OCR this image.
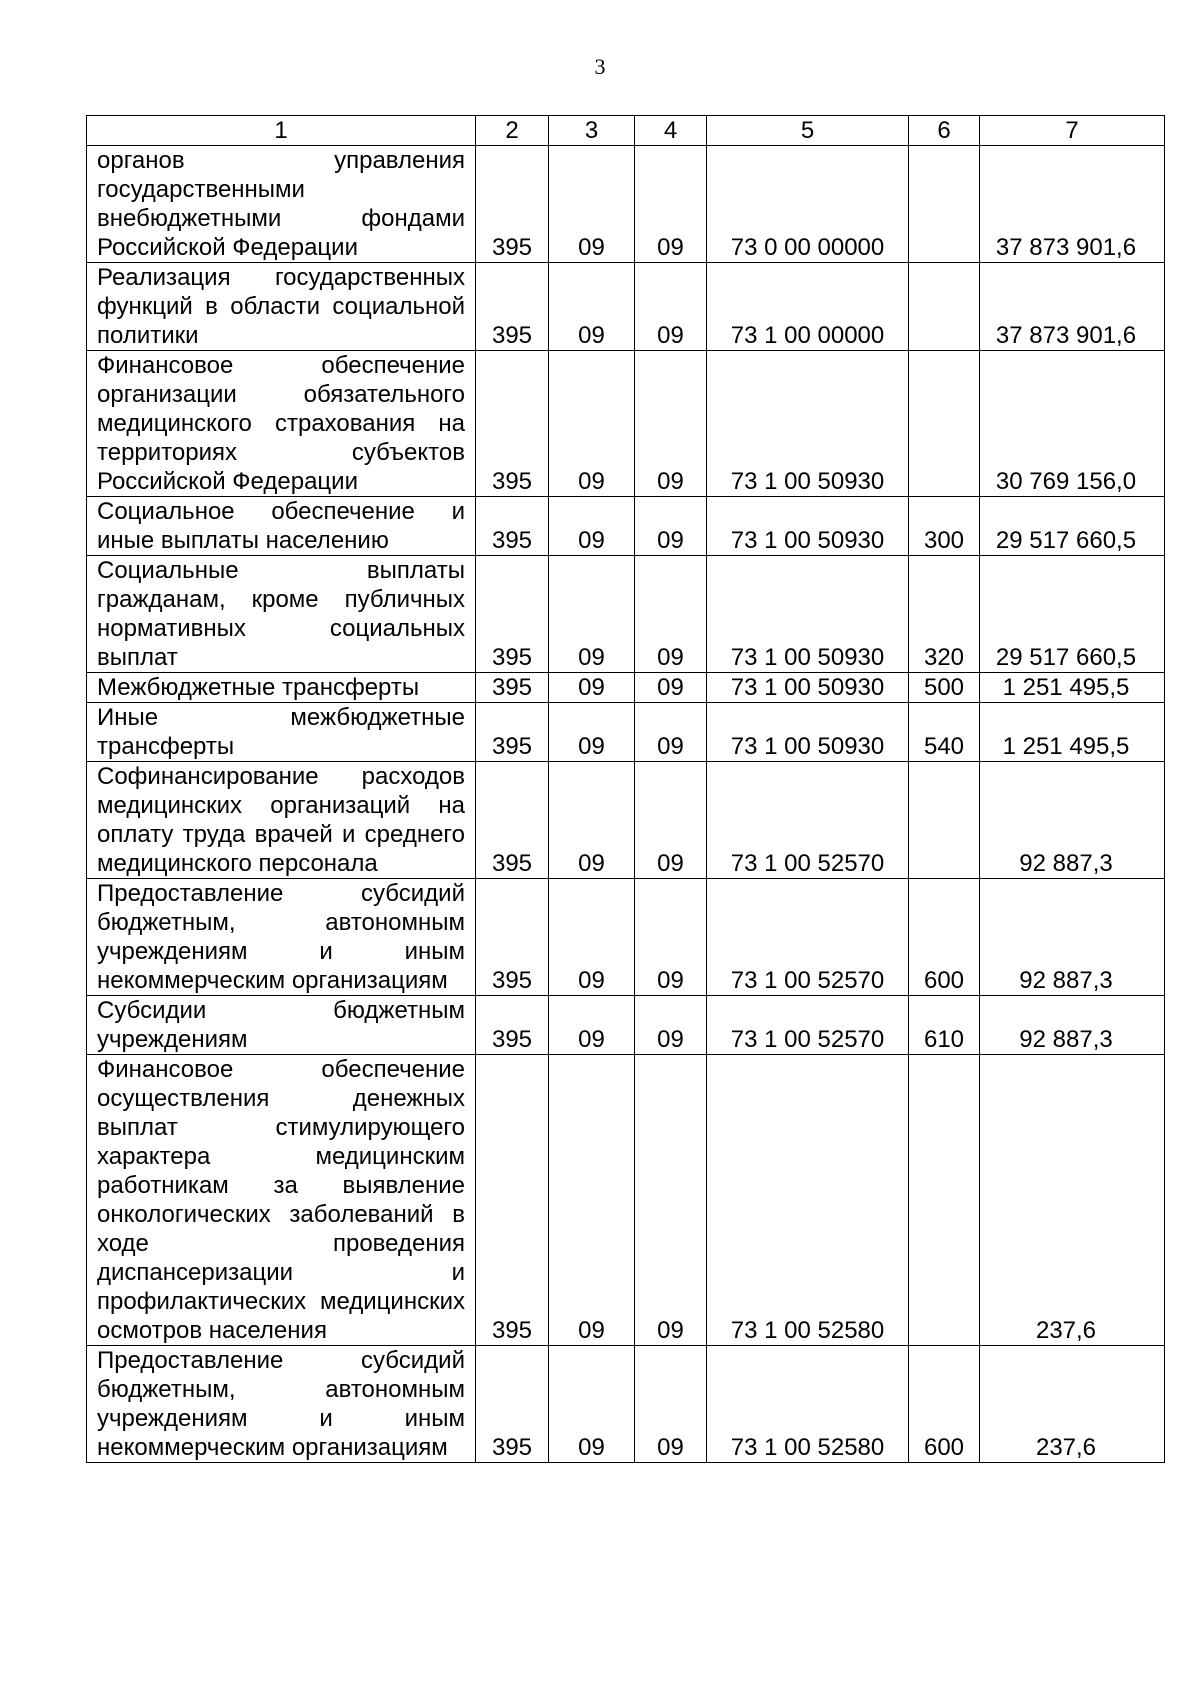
3
1	2	3	4	5	6	7
органов управления государственными внебюджетными фондами Российской Федерации	395	09	09	73 0 00 00000		37 873 901,6
Реализация государственных функций в области социальной политики	395	09	09	73 1 00 00000		37 873 901,6
Финансовое обеспечение организации обязательного медицинского страхования на территориях субъектов Российской Федерации	395	09	09	73 1 00 50930		30 769 156,0
Социальное обеспечение и иные выплаты населению	395	09	09	73 1 00 50930	300	29 517 660,5
Социальные выплаты гражданам, кроме публичных нормативных социальных выплат	395	09	09	73 1 00 50930	320	29 517 660,5
Межбюджетные трансферты	395	09	09	73 1 00 50930	500	1 251 495,5
Иные межбюджетные трансферты	395	09	09	73 1 00 50930	540	1 251 495,5
Софинансирование расходов медицинских организаций на оплату труда врачей и среднего медицинского персонала	395	09	09	73 1 00 52570		92 887,3
Предоставление субсидий бюджетным, автономным учреждениям и иным некоммерческим организациям	395	09	09	73 1 00 52570	600	92 887,3
Субсидии бюджетным учреждениям	395	09	09	73 1 00 52570	610	92 887,3
Финансовое обеспечение осуществления денежных выплат стимулирующего характера медицинским работникам за выявление онкологических заболеваний в ходе проведения диспансеризации и профилактических медицинских осмотров населения	395	09	09	73 1 00 52580		237,6
Предоставление субсидий бюджетным, автономным учреждениям и иным некоммерческим организациям	395	09	09	73 1 00 52580	600	237,6
